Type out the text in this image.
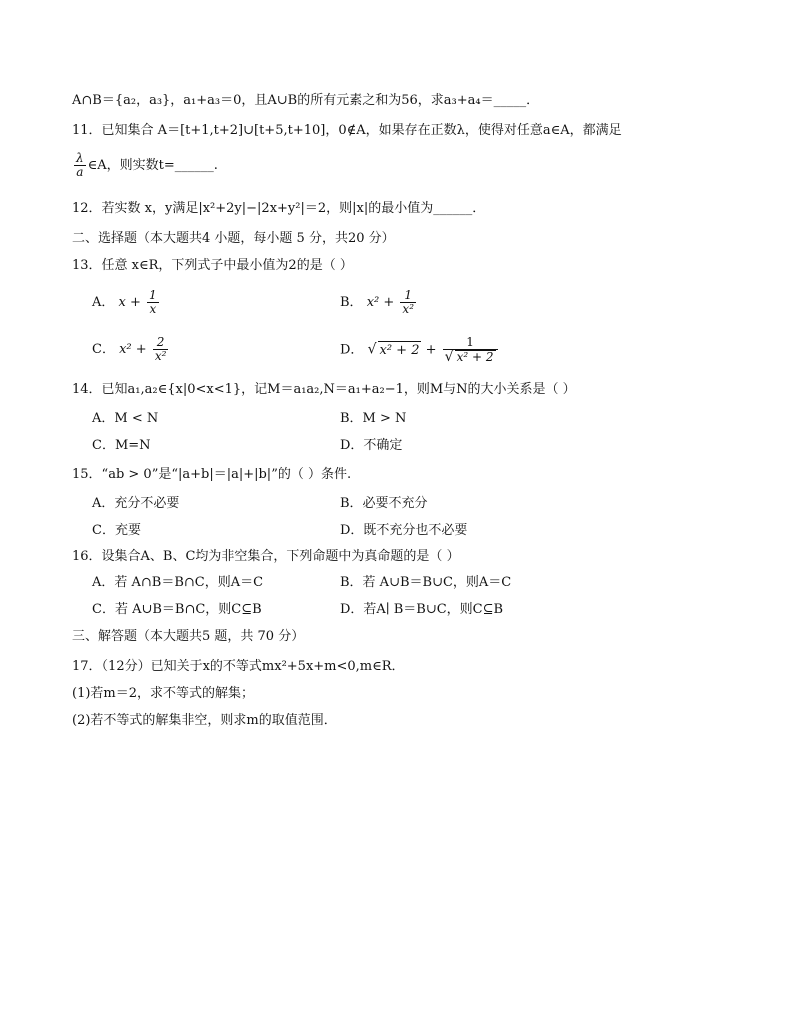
A∩B＝{a₂，a₃}，a₁+a₃＝0，且A∪B的所有元素之和为56，求a₃+a₄＝_____．
11．已知集合 A＝[t+1,t+2]∪[t+5,t+10]，0∉A，如果存在正数λ，使得对任意a∈A，都满足
$\frac{\lambda}{a}$ ∈A，则实数t=______.
12．若实数 x，y满足|x²+2y|−|2x+y²|＝2，则|x|的最小值为______．
二、选择题（本大题共4 小题，每小题 5 分，共20 分）
13．任意 x∈R，下列式子中最小值为2的是（ ）
A． $x + \frac{1}{x}$	B． $x^2 + \frac{1}{\text{x²}}$
C． $x^2 + \frac{2}{\text{x²}}$	D． √ $x^2 + 2 + \frac{1}{\text{√ x² + 2}}$
14．已知a₁,a₂∈{x|0<x<1}，记M＝a₁a₂,N＝a₁+a₂−1，则M与N的大小关系是（ ）
A．M < N	B．M > N
C．M=N	D．不确定
15．“ab > 0”是“|a+b|＝|a|+|b|”的（ ）条件.
A．充分不必要	B．必要不充分
C．充要	D．既不充分也不必要
16．设集合A、B、C均为非空集合，下列命题中为真命题的是（ ）
A．若 A∩B＝B∩C，则A＝C	B．若 A∪B＝B∪C，则A＝C
C．若 A∪B＝B∩C，则C⊆B	D．若A∣ B＝B∪C，则C⊆B
三、解答题（本大题共5 题，共 70 分）
17．（12分）已知关于x的不等式mx²+5x+m<0,m∈R．
(1)若m＝2，求不等式的解集；
(2)若不等式的解集非空，则求m的取值范围．
